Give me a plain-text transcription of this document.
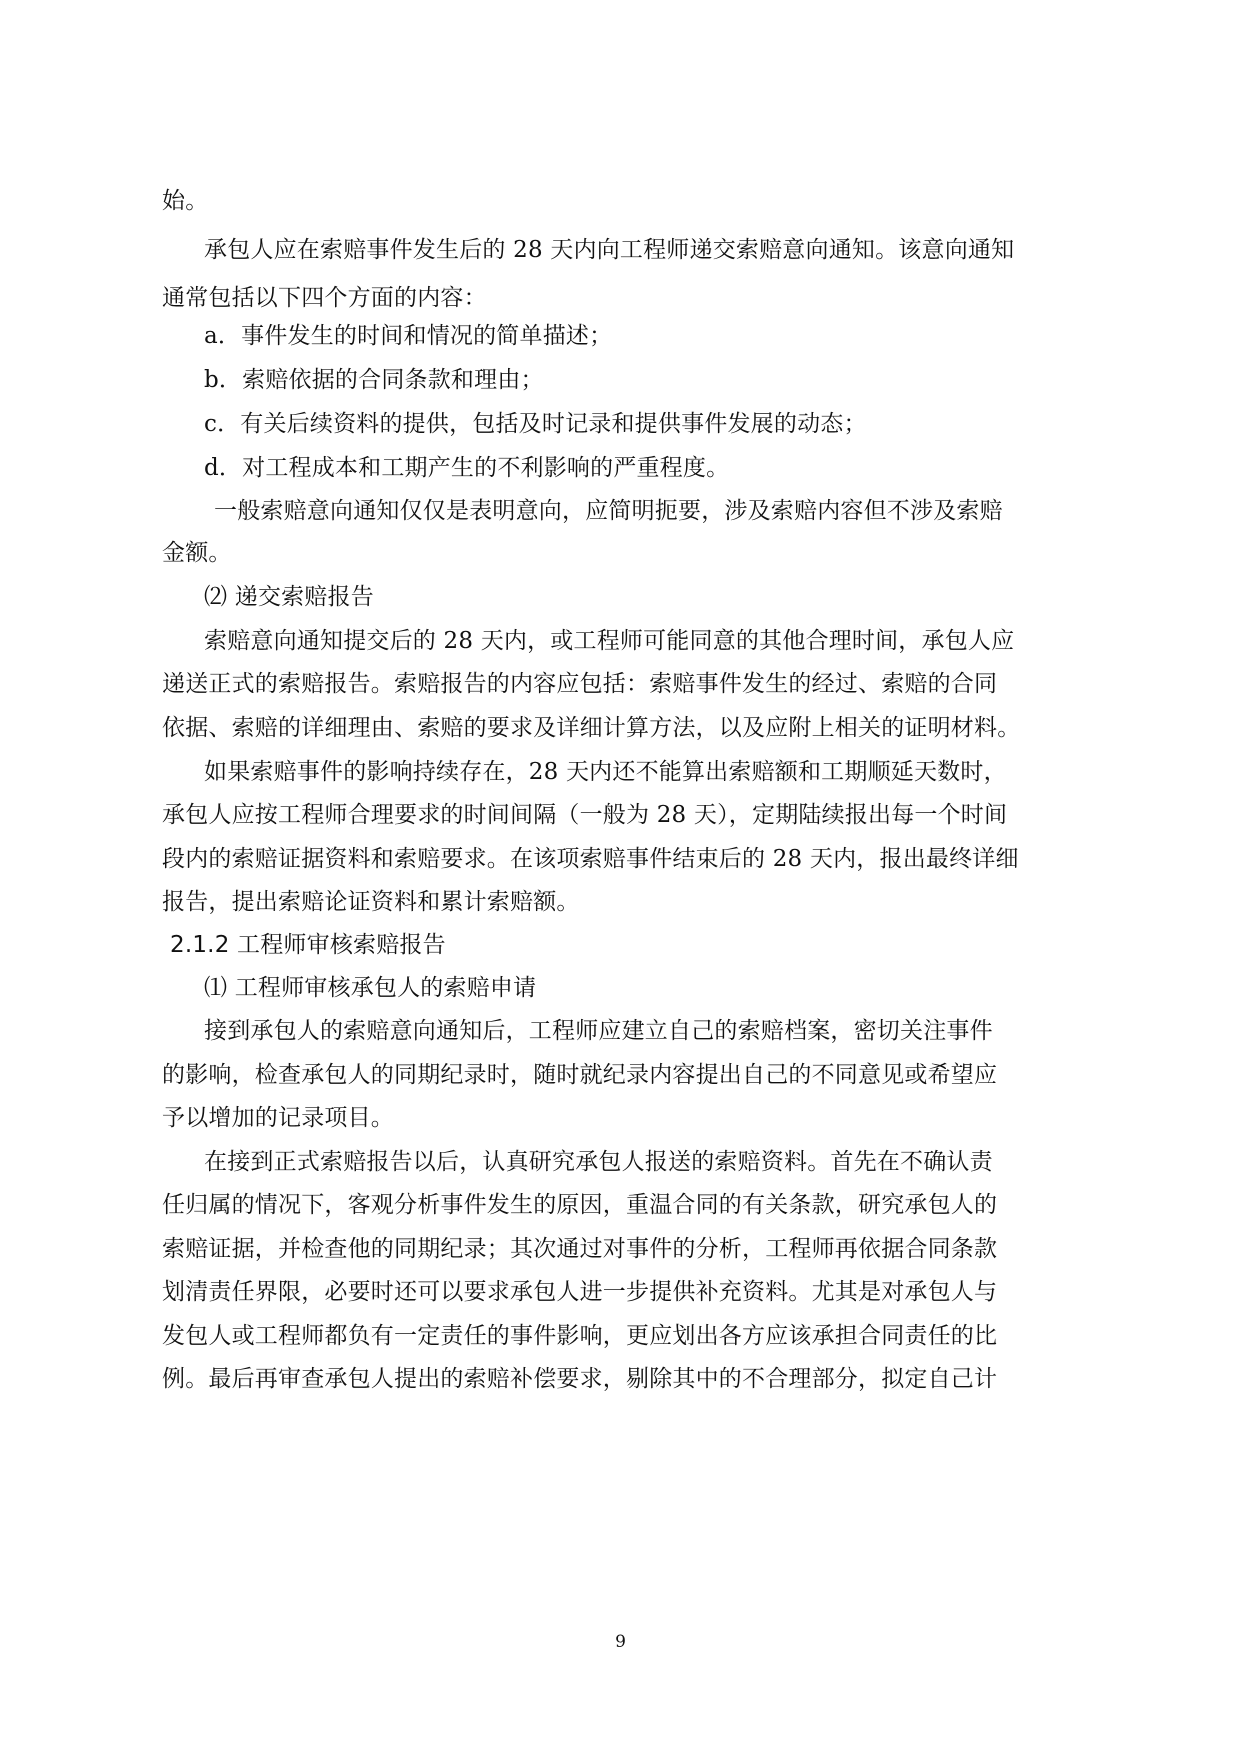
始。
承包人应在索赔事件发生后的 28 天内向工程师递交索赔意向通知。该意向通知
通常包括以下四个方面的内容：
a．事件发生的时间和情况的简单描述；
b．索赔依据的合同条款和理由；
c．有关后续资料的提供，包括及时记录和提供事件发展的动态；
d．对工程成本和工期产生的不利影响的严重程度。
一般索赔意向通知仅仅是表明意向，应简明扼要，涉及索赔内容但不涉及索赔
金额。
⑵ 递交索赔报告
索赔意向通知提交后的 28 天内，或工程师可能同意的其他合理时间，承包人应
递送正式的索赔报告。索赔报告的内容应包括：索赔事件发生的经过、索赔的合同
依据、索赔的详细理由、索赔的要求及详细计算方法，以及应附上相关的证明材料。
如果索赔事件的影响持续存在，28 天内还不能算出索赔额和工期顺延天数时，
承包人应按工程师合理要求的时间间隔（一般为 28 天），定期陆续报出每一个时间
段内的索赔证据资料和索赔要求。在该项索赔事件结束后的 28 天内，报出最终详细
报告，提出索赔论证资料和累计索赔额。
2.1.2 工程师审核索赔报告
⑴ 工程师审核承包人的索赔申请
接到承包人的索赔意向通知后，工程师应建立自己的索赔档案，密切关注事件
的影响，检查承包人的同期纪录时，随时就纪录内容提出自己的不同意见或希望应
予以增加的记录项目。
在接到正式索赔报告以后，认真研究承包人报送的索赔资料。首先在不确认责
任归属的情况下，客观分析事件发生的原因，重温合同的有关条款，研究承包人的
索赔证据，并检查他的同期纪录；其次通过对事件的分析，工程师再依据合同条款
划清责任界限，必要时还可以要求承包人进一步提供补充资料。尤其是对承包人与
发包人或工程师都负有一定责任的事件影响，更应划出各方应该承担合同责任的比
例。最后再审查承包人提出的索赔补偿要求，剔除其中的不合理部分，拟定自己计
9
